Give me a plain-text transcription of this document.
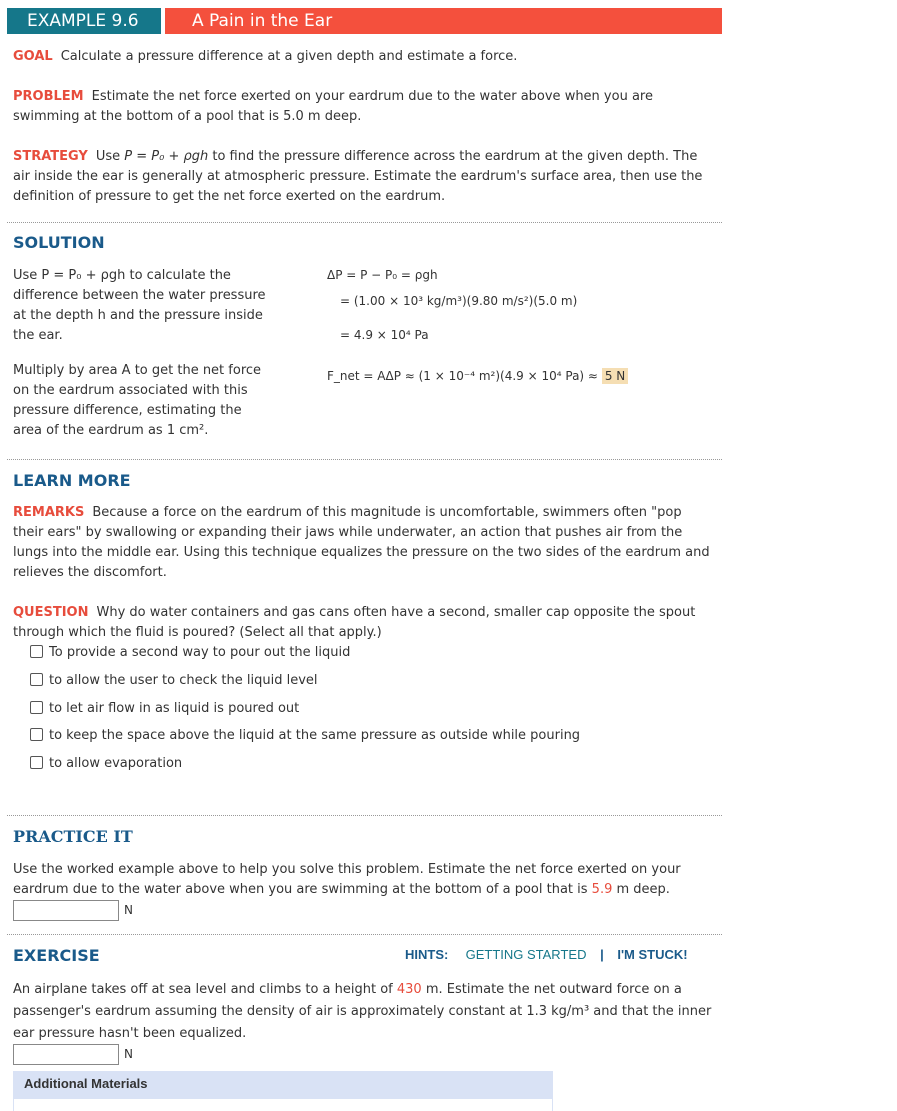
EXAMPLE 9.6	A Pain in the Ear
GOAL Calculate a pressure difference at a given depth and estimate a force.
PROBLEM Estimate the net force exerted on your eardrum due to the water above when you are swimming at the bottom of a pool that is 5.0 m deep.
STRATEGY Use P = P₀ + ρgh to find the pressure difference across the eardrum at the given depth. The air inside the ear is generally at atmospheric pressure. Estimate the eardrum's surface area, then use the definition of pressure to get the net force exerted on the eardrum.
SOLUTION
Use P = P₀ + ρgh to calculate the difference between the water pressure at the depth h and the pressure inside the ear.
ΔP = P − P₀ = ρgh
= (1.00 × 10³ kg/m³)(9.80 m/s²)(5.0 m)
= 4.9 × 10⁴ Pa
Multiply by area A to get the net force on the eardrum associated with this pressure difference, estimating the area of the eardrum as 1 cm².
F_net = AΔP ≈ (1 × 10⁻⁴ m²)(4.9 × 10⁴ Pa) ≈ 5 N
LEARN MORE
REMARKS Because a force on the eardrum of this magnitude is uncomfortable, swimmers often "pop their ears" by swallowing or expanding their jaws while underwater, an action that pushes air from the lungs into the middle ear. Using this technique equalizes the pressure on the two sides of the eardrum and relieves the discomfort.
QUESTION Why do water containers and gas cans often have a second, smaller cap opposite the spout through which the fluid is poured? (Select all that apply.)
To provide a second way to pour out the liquid
to allow the user to check the liquid level
to let air flow in as liquid is poured out
to keep the space above the liquid at the same pressure as outside while pouring
to allow evaporation
PRACTICE IT
Use the worked example above to help you solve this problem. Estimate the net force exerted on your eardrum due to the water above when you are swimming at the bottom of a pool that is 5.9 m deep.
N
EXERCISE	HINTS: GETTING STARTED | I'M STUCK!
An airplane takes off at sea level and climbs to a height of 430 m. Estimate the net outward force on a passenger's eardrum assuming the density of air is approximately constant at 1.3 kg/m³ and that the inner ear pressure hasn't been equalized.
N
Additional Materials
